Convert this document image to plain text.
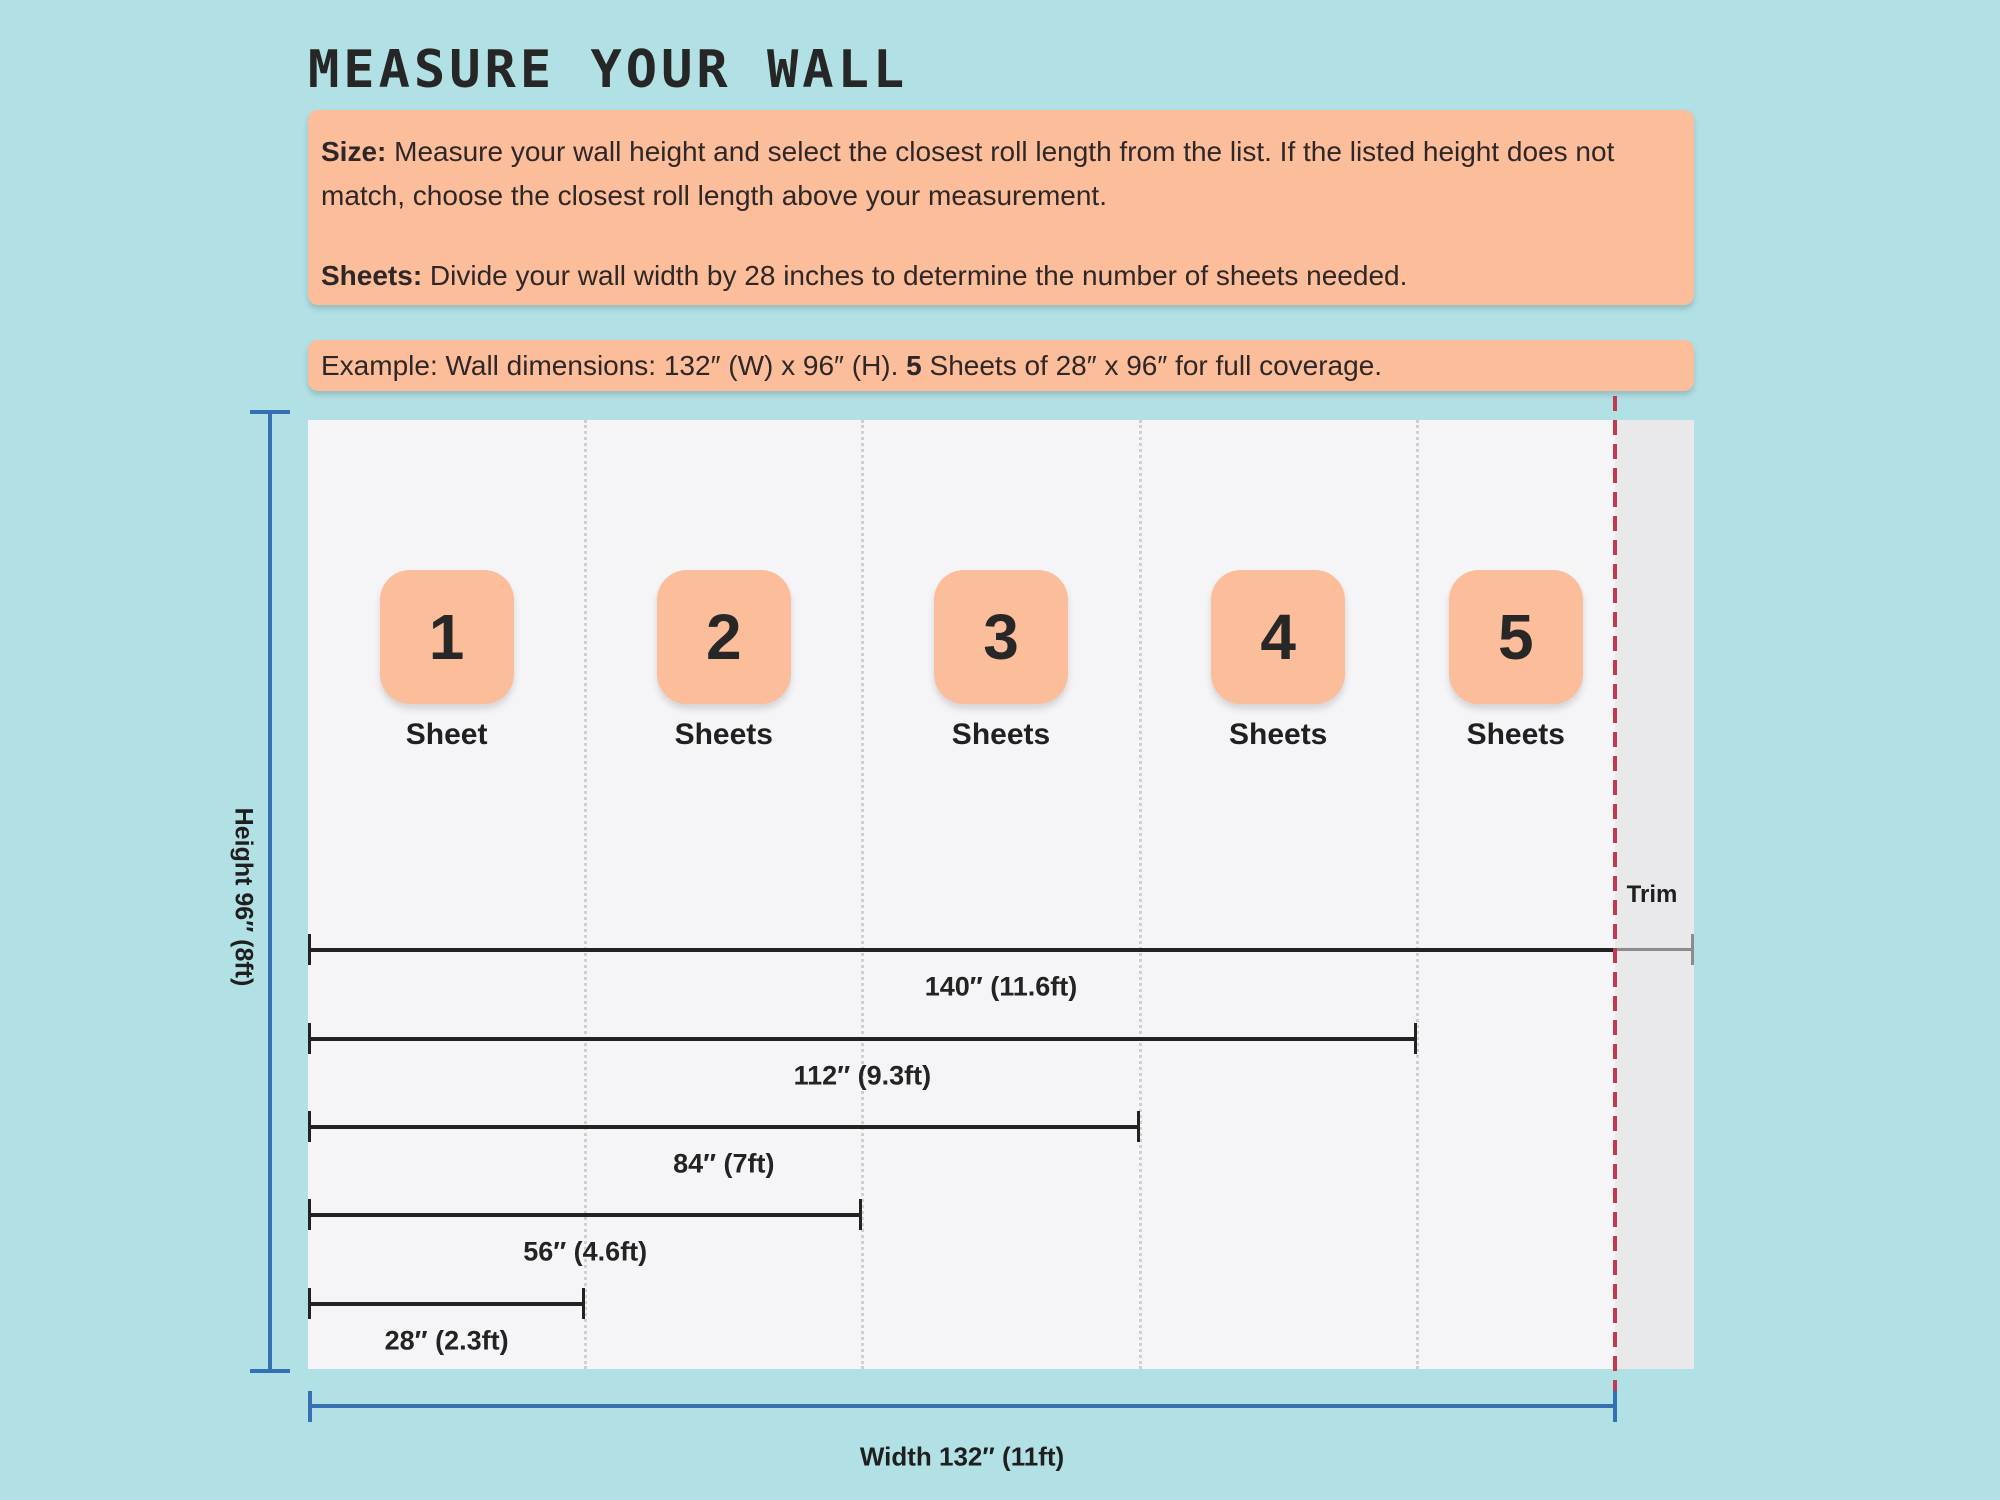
MEASURE YOUR WALL

Size: Measure your wall height and select the closest roll length from the list. If the listed height does not match, choose the closest roll length above your measurement.

Sheets: Divide your wall width by 28 inches to determine the number of sheets needed.

Example: Wall dimensions: 132″ (W) x 96″ (H). 5 Sheets of 28″ x 96″ for full coverage.
1
Sheet
2
Sheets
3
Sheets
4
Sheets
5
Sheets
140″ (11.6ft)
112″ (9.3ft)
84″ (7ft)
56″ (4.6ft)
28″ (2.3ft)
Trim
Height 96″ (8ft)
Width 132″ (11ft)
